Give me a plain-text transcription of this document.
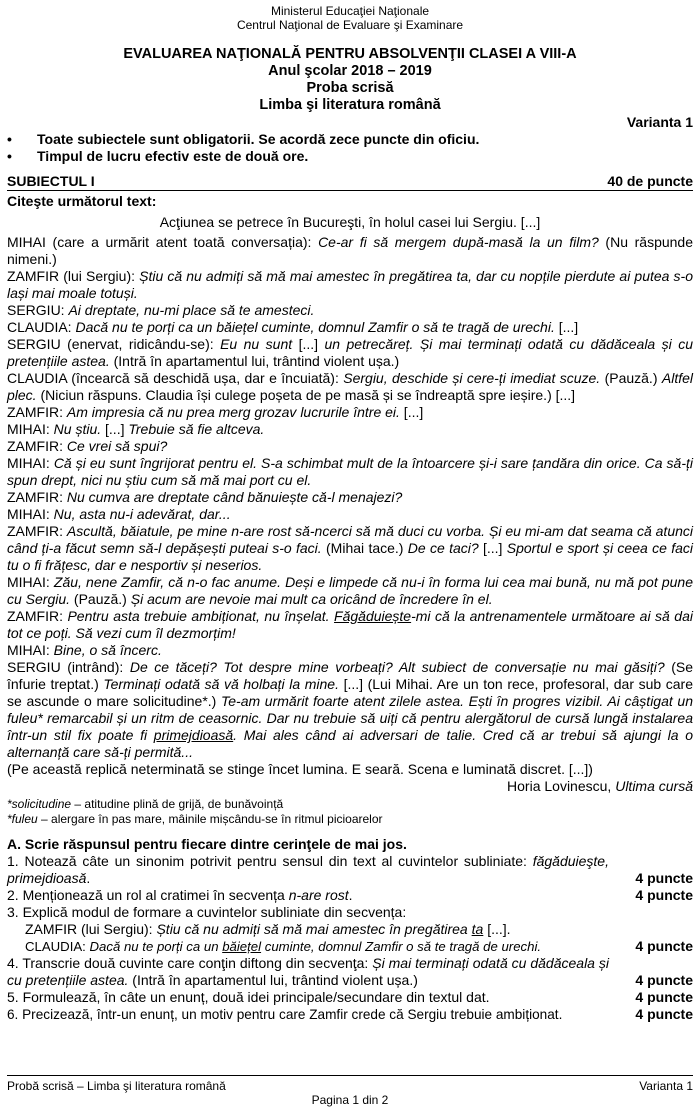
Ministerul Educaţiei Naţionale
Centrul Naţional de Evaluare şi Examinare
EVALUAREA NAŢIONALĂ PENTRU ABSOLVENŢII CLASEI A VIII-A
Anul şcolar 2018 – 2019
Proba scrisă
Limba şi literatura română
Varianta 1
• Toate subiectele sunt obligatorii. Se acordă zece puncte din oficiu.
• Timpul de lucru efectiv este de două ore.
SUBIECTUL I	40 de puncte
Citeşte următorul text:
Acţiunea se petrece în Bucureşti, în holul casei lui Sergiu. [...]
MIHAI (care a urmărit atent toată conversația): Ce-ar fi să mergem după-masă la un film? (Nu răspunde nimeni.)
ZAMFIR (lui Sergiu): Știu că nu admiți să mă mai amestec în pregătirea ta, dar cu nopțile pierdute ai putea s-o lași mai moale totuși.
SERGIU: Ai dreptate, nu-mi place să te amesteci.
CLAUDIA: Dacă nu te porți ca un băiețel cuminte, domnul Zamfir o să te tragă de urechi. [...]
SERGIU (enervat, ridicându-se): Eu nu sunt [...] un petrecăreț. Și mai terminați odată cu dădăceala și cu pretențiile astea. (Intră în apartamentul lui, trântind violent ușa.)
CLAUDIA (încearcă să deschidă ușa, dar e încuiată): Sergiu, deschide și cere-ți imediat scuze. (Pauză.) Altfel plec. (Niciun răspuns. Claudia își culege poșeta de pe masă și se îndreaptă spre ieșire.) [...]
ZAMFIR: Am impresia că nu prea merg grozav lucrurile între ei. [...]
MIHAI: Nu știu. [...] Trebuie să fie altceva.
ZAMFIR: Ce vrei să spui?
MIHAI: Că și eu sunt îngrijorat pentru el. S-a schimbat mult de la întoarcere și-i sare țandăra din orice. Ca să-ți spun drept, nici nu știu cum să mă mai port cu el.
ZAMFIR: Nu cumva are dreptate când bănuiește că-l menajezi?
MIHAI: Nu, asta nu-i adevărat, dar...
ZAMFIR: Ascultă, băiatule, pe mine n-are rost să-ncerci să mă duci cu vorba. Și eu mi-am dat seama că atunci când ți-a făcut semn să-l depășești puteai s-o faci. (Mihai tace.) De ce taci? [...] Sportul e sport și ceea ce faci tu o fi frățesc, dar e nesportiv și neserios.
MIHAI: Zău, nene Zamfir, că n-o fac anume. Deși e limpede că nu-i în forma lui cea mai bună, nu mă pot pune cu Sergiu. (Pauză.) Și acum are nevoie mai mult ca oricând de încredere în el.
ZAMFIR: Pentru asta trebuie ambiționat, nu înșelat. Făgăduiește-mi că la antrenamentele următoare ai să dai tot ce poți. Să vezi cum îl dezmorțim!
MIHAI: Bine, o să încerc.
SERGIU (intrând): De ce tăceți? Tot despre mine vorbeați? Alt subiect de conversație nu mai găsiți? (Se înfurie treptat.) Terminați odată să vă holbați la mine. [...] (Lui Mihai. Are un ton rece, profesoral, dar sub care se ascunde o mare solicitudine*.) Te-am urmărit foarte atent zilele astea. Ești în progres vizibil. Ai câștigat un fuleu* remarcabil și un ritm de ceasornic. Dar nu trebuie să uiți că pentru alergătorul de cursă lungă instalarea într-un stil fix poate fi primejdioasă. Mai ales când ai adversari de talie. Cred că ar trebui să ajungi la o alternanță care să-ți permită...
(Pe această replică neterminată se stinge încet lumina. E seară. Scena e luminată discret. [...])
Horia Lovinescu, Ultima cursă
*solicitudine – atitudine plină de grijă, de bunăvoință
*fuleu – alergare în pas mare, mâinile mișcându-se în ritmul picioarelor
A. Scrie răspunsul pentru fiecare dintre cerinţele de mai jos.
1. Notează câte un sinonim potrivit pentru sensul din text al cuvintelor subliniate: făgăduieşte, primejdioasă.	4 puncte
2. Menționează un rol al cratimei în secvența n-are rost.	4 puncte
3. Explică modul de formare a cuvintelor subliniate din secvența:
ZAMFIR (lui Sergiu): Știu că nu admiți să mă mai amestec în pregătirea ta [...].
CLAUDIA: Dacă nu te porți ca un băiețel cuminte, domnul Zamfir o să te tragă de urechi.	4 puncte
4. Transcrie două cuvinte care conţin diftong din secvenţa: Și mai terminați odată cu dădăceala și cu pretențiile astea. (Intră în apartamentul lui, trântind violent ușa.)	4 puncte
5. Formulează, în câte un enunț, două idei principale/secundare din textul dat.	4 puncte
6. Precizează, într-un enunț, un motiv pentru care Zamfir crede că Sergiu trebuie ambiționat.	4 puncte
Probă scrisă – Limba şi literatura română	Varianta 1
Pagina 1 din 2
